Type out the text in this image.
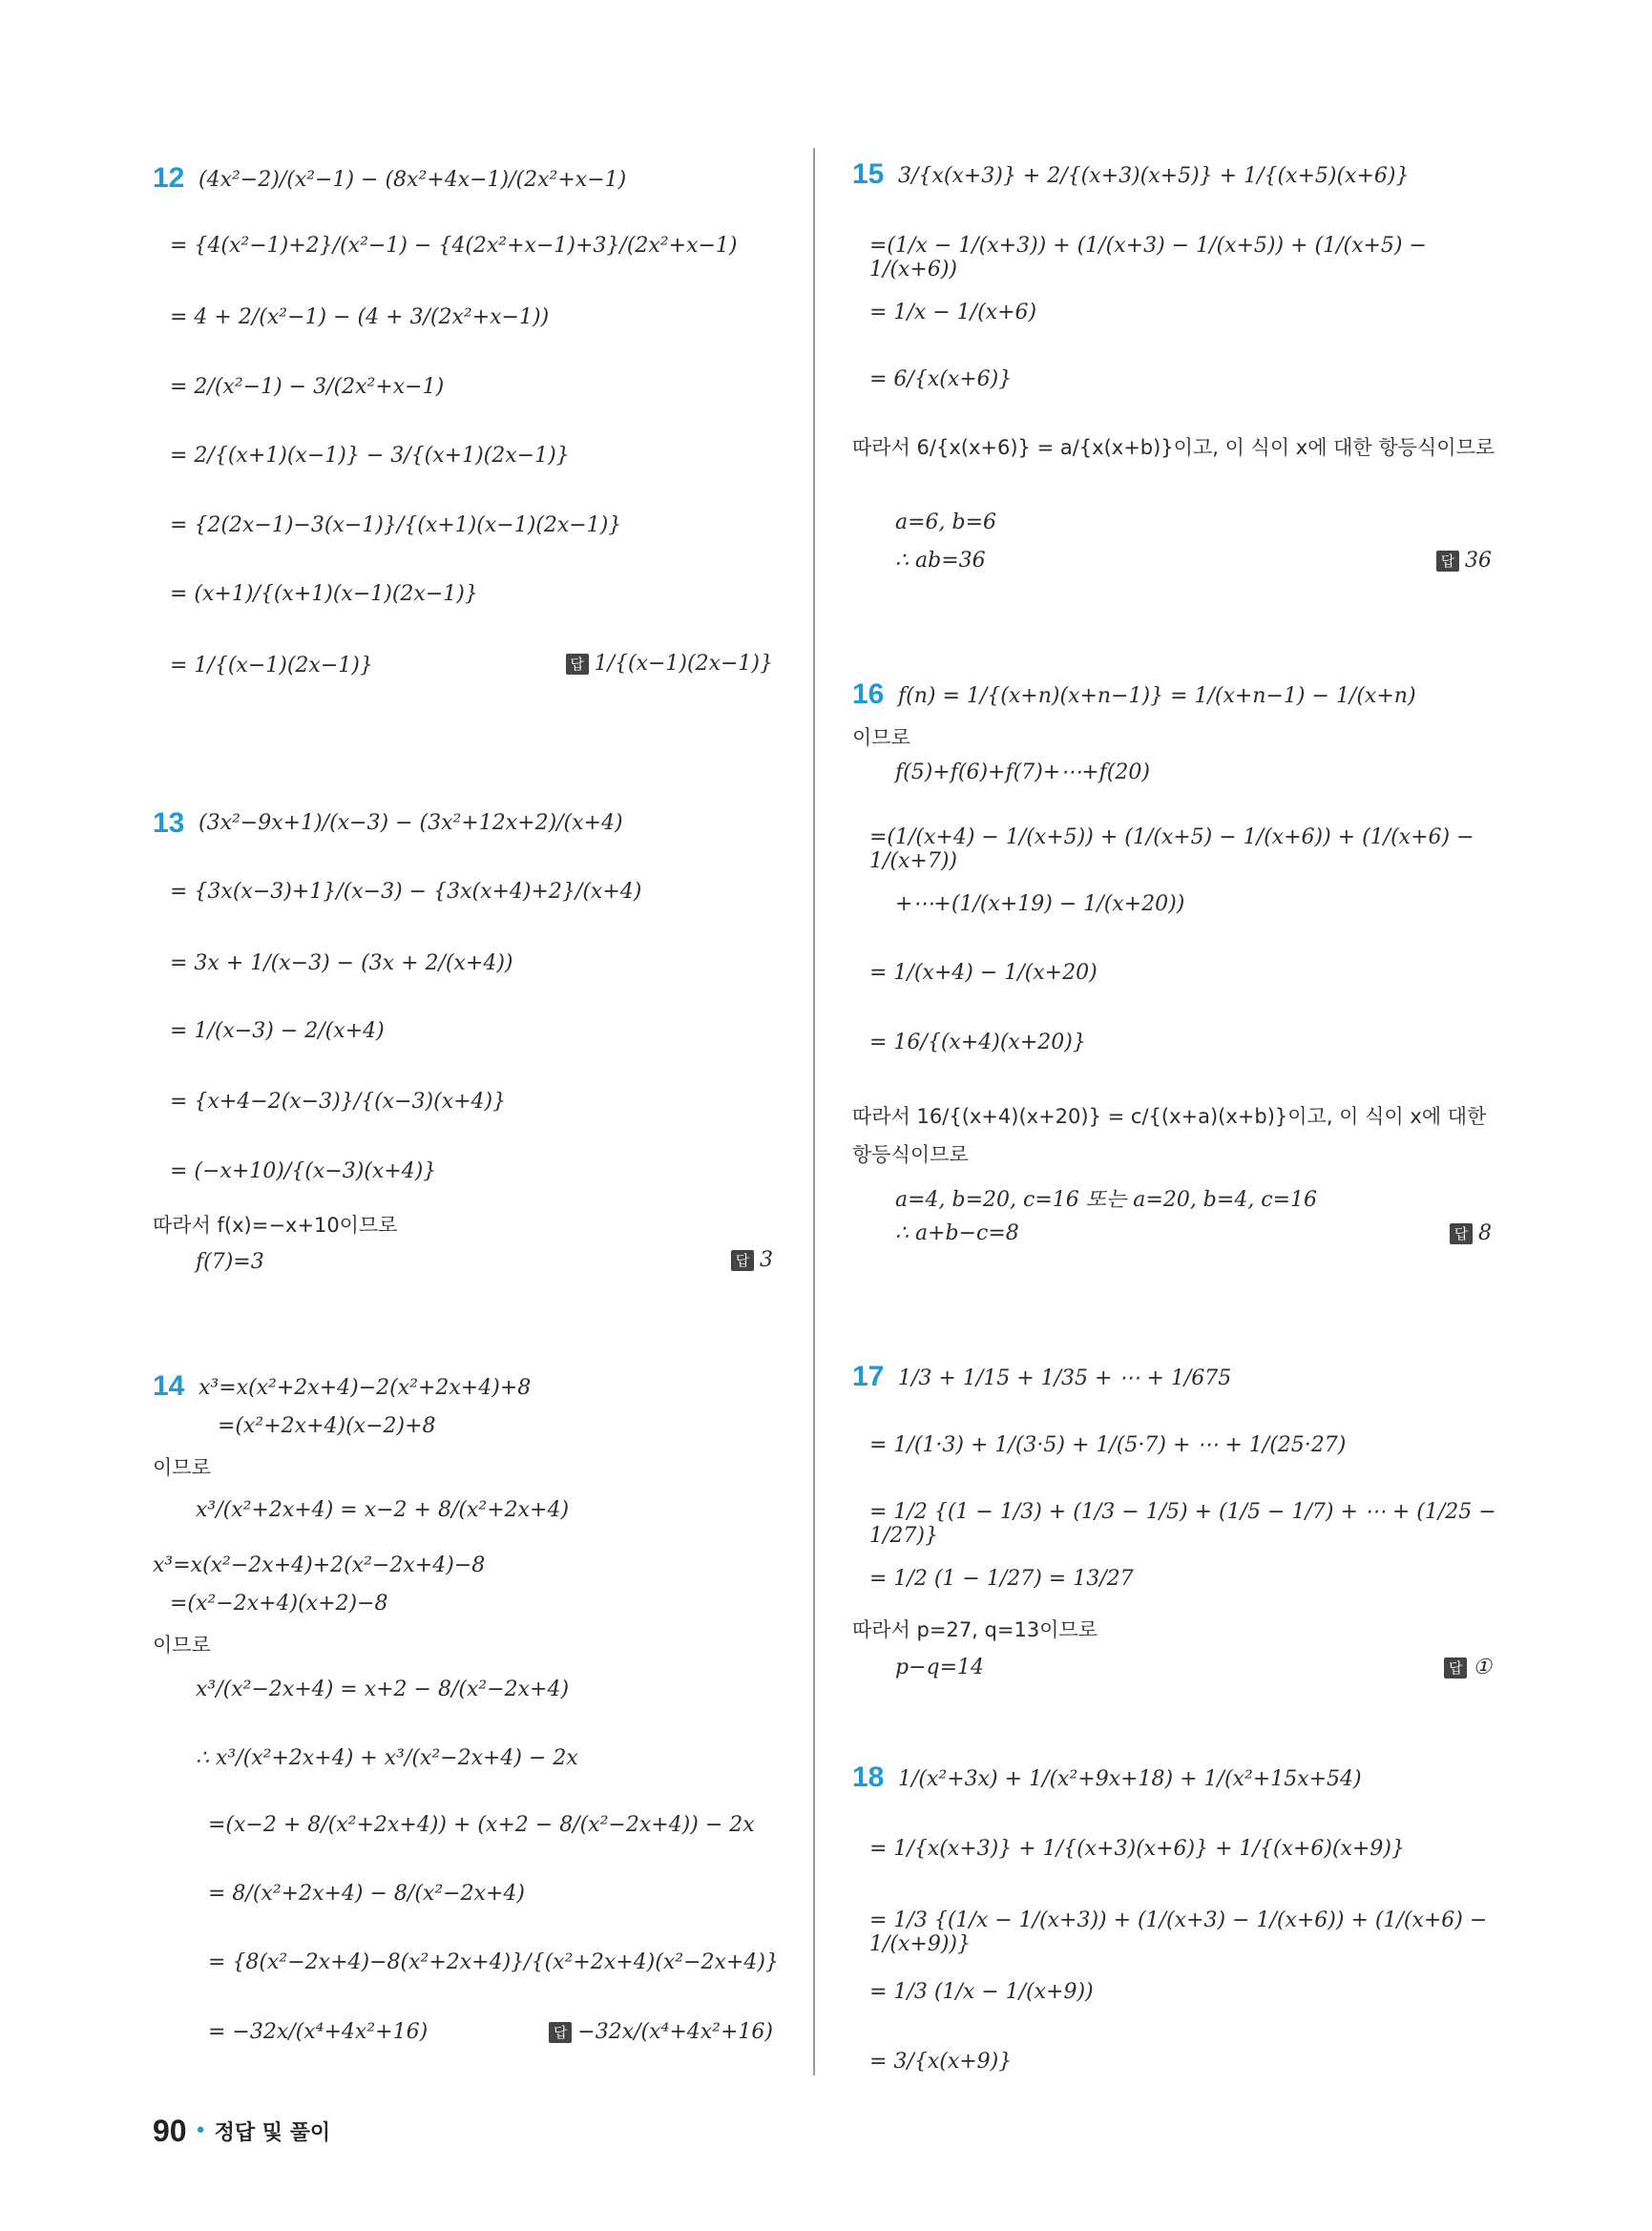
12 (4x²−2)/(x²−1) − (8x²+4x−1)/(2x²+x−1)
= {4(x²−1)+2}/(x²−1) − {4(2x²+x−1)+3}/(2x²+x−1)
= 4 + 2/(x²−1) − (4 + 3/(2x²+x−1))
= 2/(x²−1) − 3/(2x²+x−1)
= 2/{(x+1)(x−1)} − 3/{(x+1)(2x−1)}
= {2(2x−1)−3(x−1)}/{(x+1)(x−1)(2x−1)}
= (x+1)/{(x+1)(x−1)(2x−1)}
= 1/{(x−1)(2x−1)}	답 1/{(x−1)(2x−1)}
13 (3x²−9x+1)/(x−3) − (3x²+12x+2)/(x+4)
= {3x(x−3)+1}/(x−3) − {3x(x+4)+2}/(x+4)
= 3x + 1/(x−3) − (3x + 2/(x+4))
= 1/(x−3) − 2/(x+4)
= {x+4−2(x−3)}/{(x−3)(x+4)}
= (−x+10)/{(x−3)(x+4)}
따라서 f(x)=−x+10이므로
f(7)=3	답 3
14 x³=x(x²+2x+4)−2(x²+2x+4)+8
=(x²+2x+4)(x−2)+8
이므로
x³/(x²+2x+4) = x−2 + 8/(x²+2x+4)
x³=x(x²−2x+4)+2(x²−2x+4)−8
=(x²−2x+4)(x+2)−8
이므로
x³/(x²−2x+4) = x+2 − 8/(x²−2x+4)
∴ x³/(x²+2x+4) + x³/(x²−2x+4) − 2x
=(x−2 + 8/(x²+2x+4)) + (x+2 − 8/(x²−2x+4)) − 2x
= 8/(x²+2x+4) − 8/(x²−2x+4)
= {8(x²−2x+4)−8(x²+2x+4)}/{(x²+2x+4)(x²−2x+4)}
= −32x/(x⁴+4x²+16)	답 −32x/(x⁴+4x²+16)
15 3/{x(x+3)} + 2/{(x+3)(x+5)} + 1/{(x+5)(x+6)}
=(1/x − 1/(x+3)) + (1/(x+3) − 1/(x+5)) + (1/(x+5) − 1/(x+6))
= 1/x − 1/(x+6)
= 6/{x(x+6)}
따라서 6/{x(x+6)} = a/{x(x+b)}이고, 이 식이 x에 대한 항등식이므로
a=6, b=6
∴ ab=36	답 36
16 f(n) = 1/{(x+n)(x+n−1)} = 1/(x+n−1) − 1/(x+n)
이므로
f(5)+f(6)+f(7)+⋯+f(20)
=(1/(x+4) − 1/(x+5)) + (1/(x+5) − 1/(x+6)) + (1/(x+6) − 1/(x+7))
+⋯+(1/(x+19) − 1/(x+20))
= 1/(x+4) − 1/(x+20)
= 16/{(x+4)(x+20)}
따라서 16/{(x+4)(x+20)} = c/{(x+a)(x+b)}이고, 이 식이 x에 대한 항등식이므로
a=4, b=20, c=16 또는 a=20, b=4, c=16
∴ a+b−c=8	답 8
17 1/3 + 1/15 + 1/35 + ⋯ + 1/675
= 1/(1·3) + 1/(3·5) + 1/(5·7) + ⋯ + 1/(25·27)
= 1/2 {(1 − 1/3) + (1/3 − 1/5) + (1/5 − 1/7) + ⋯ + (1/25 − 1/27)}
= 1/2 (1 − 1/27) = 13/27
따라서 p=27, q=13이므로
p−q=14	답 ①
18 1/(x²+3x) + 1/(x²+9x+18) + 1/(x²+15x+54)
= 1/{x(x+3)} + 1/{(x+3)(x+6)} + 1/{(x+6)(x+9)}
= 1/3 {(1/x − 1/(x+3)) + (1/(x+3) − 1/(x+6)) + (1/(x+6) − 1/(x+9))}
= 1/3 (1/x − 1/(x+9))
= 3/{x(x+9)}
90 • 정답 및 풀이
